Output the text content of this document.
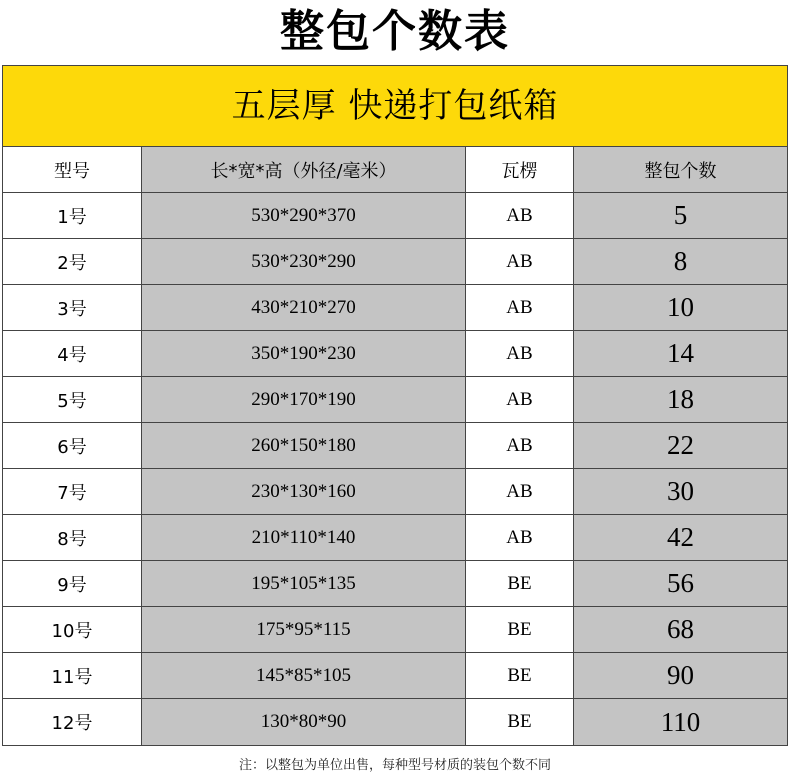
整包个数表
五层厚 快递打包纸箱
型号	长*宽*高（外径/毫米）	瓦楞	整包个数
1号	530*290*370	AB	5
2号	530*230*290	AB	8
3号	430*210*270	AB	10
4号	350*190*230	AB	14
5号	290*170*190	AB	18
6号	260*150*180	AB	22
7号	230*130*160	AB	30
8号	210*110*140	AB	42
9号	195*105*135	BE	56
10号	175*95*115	BE	68
11号	145*85*105	BE	90
12号	130*80*90	BE	110
注：以整包为单位出售，每种型号材质的装包个数不同
